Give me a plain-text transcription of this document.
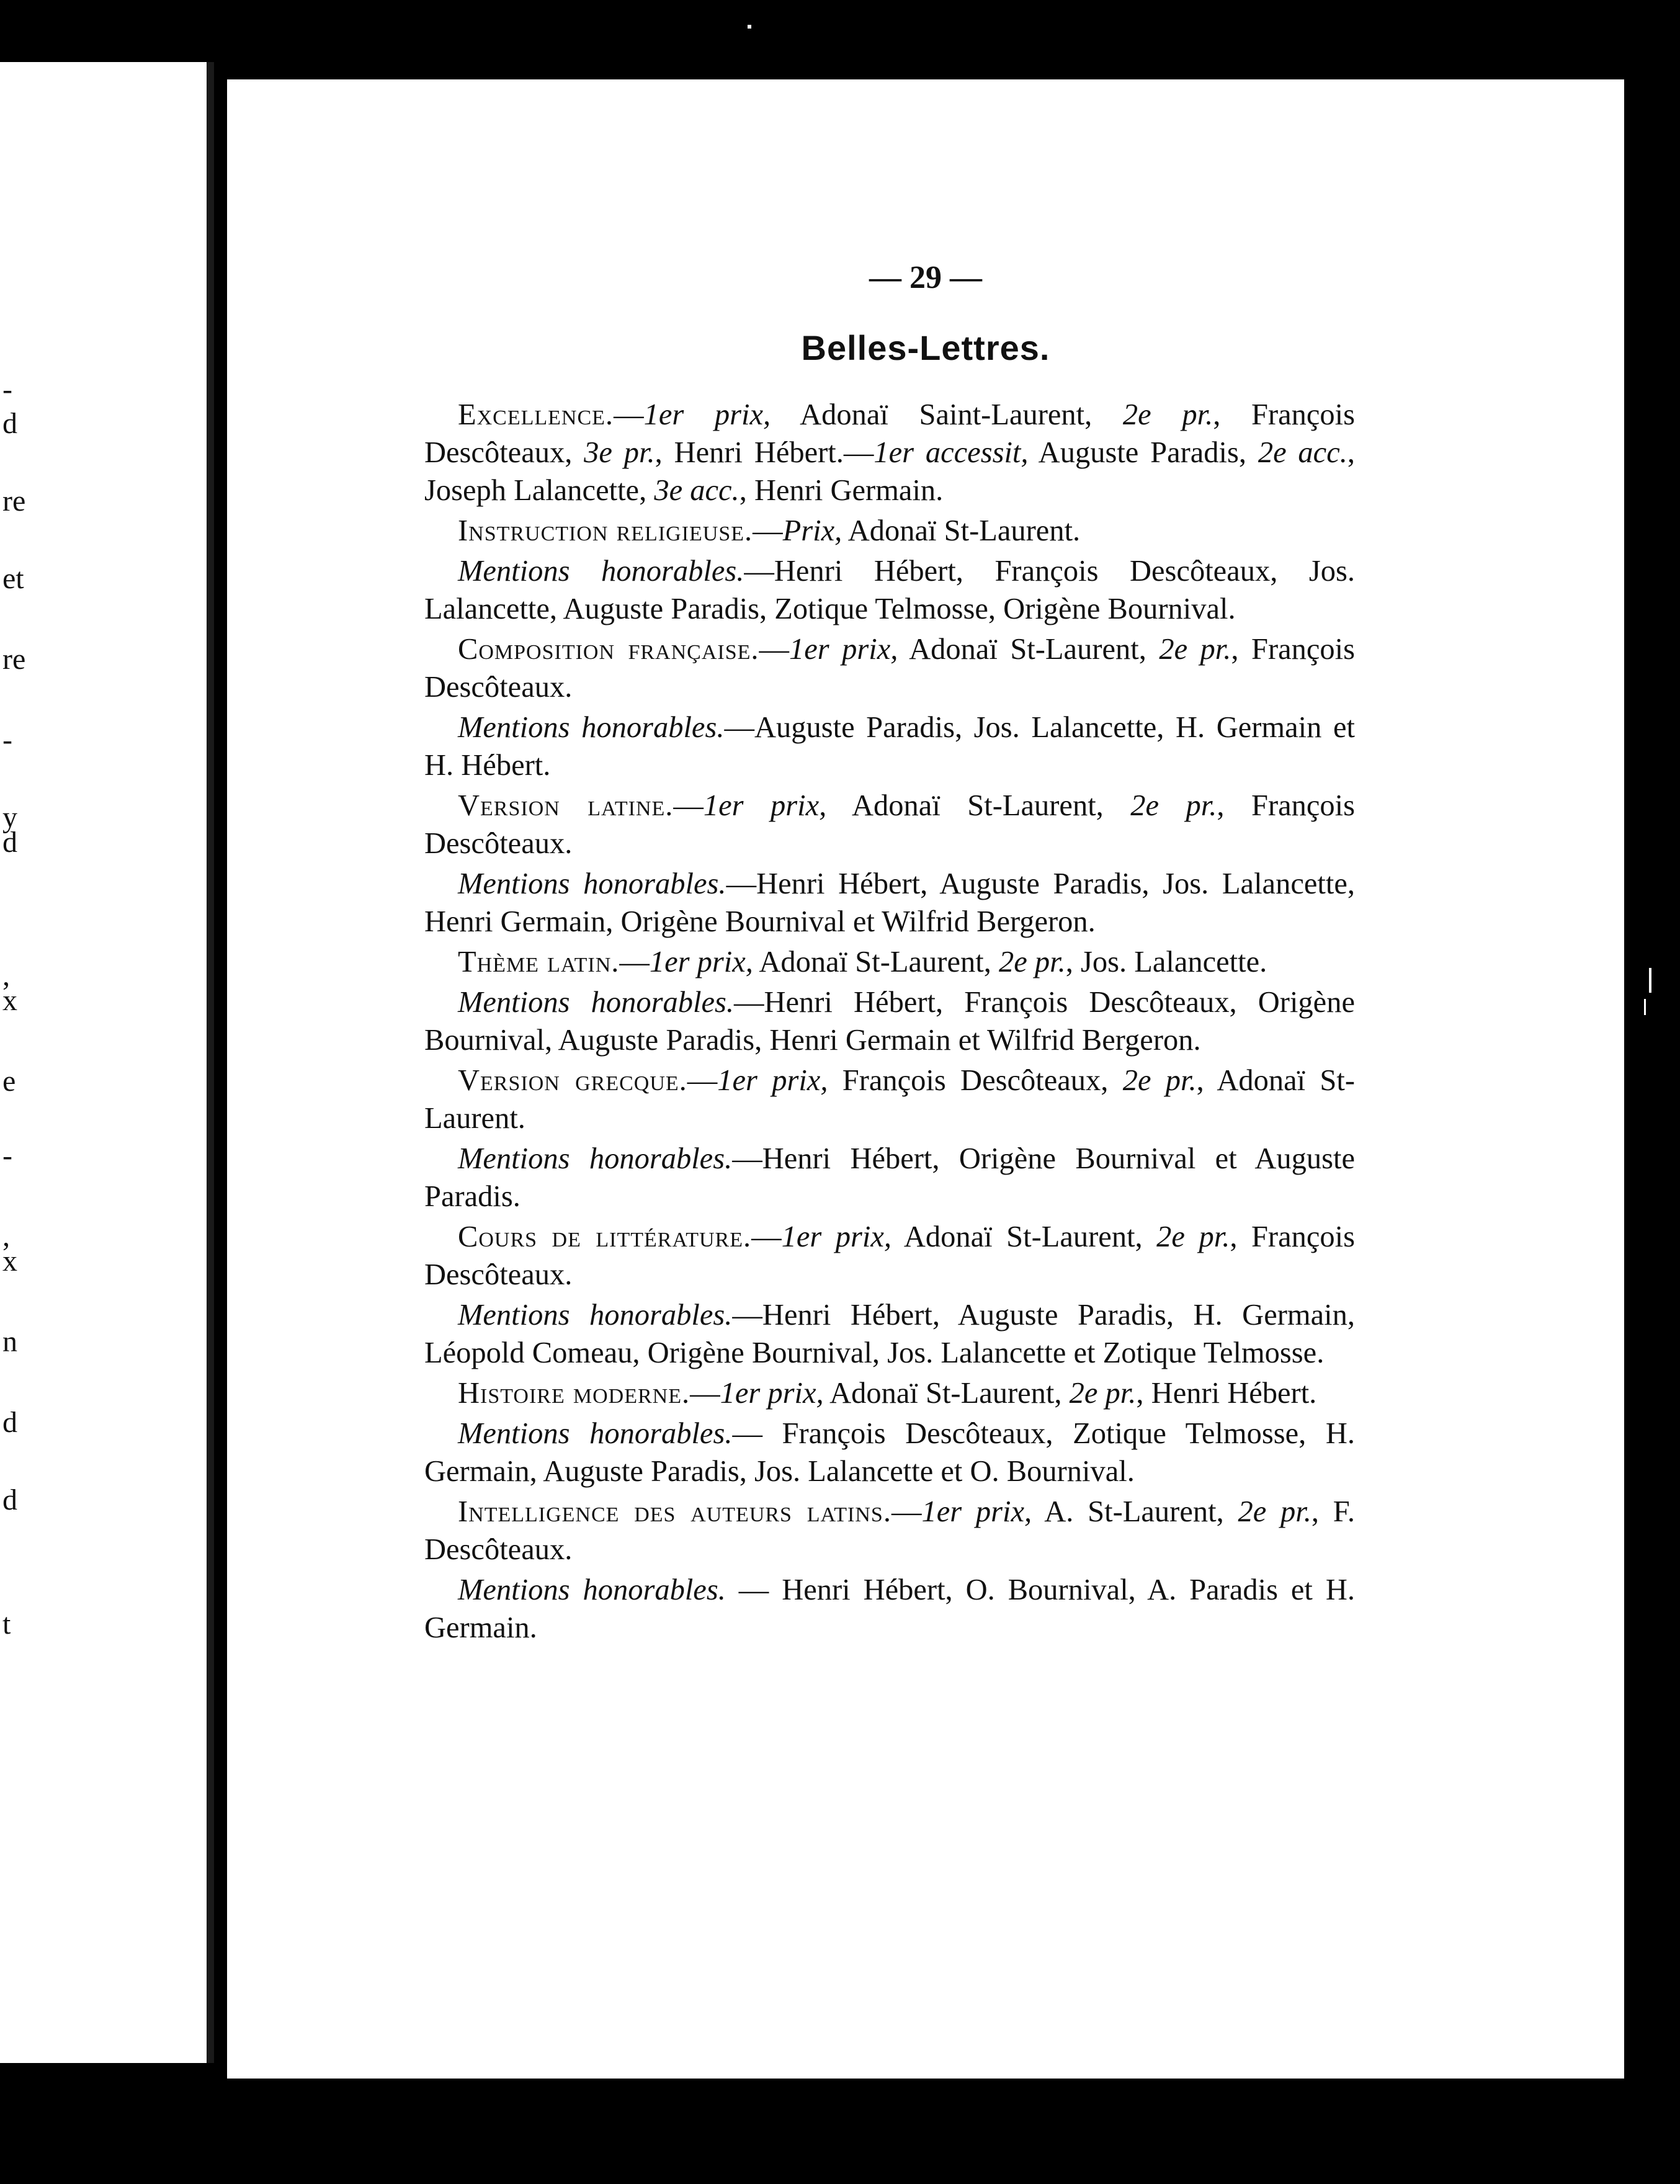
-
d
re
et
re
-
y
d
,
x
e
-
,
x
n
d
d
t
— 29 —
Belles-Lettres.

Excellence.—1er prix, Adonaï Saint-Laurent, 2e pr., François Descôteaux, 3e pr., Henri Hébert.—1er accessit, Auguste Paradis, 2e acc., Joseph Lalancette, 3e acc., Henri Germain.

Instruction religieuse.—Prix, Adonaï St-Laurent.

Mentions honorables.—Henri Hébert, François Descôteaux, Jos. Lalancette, Auguste Paradis, Zotique Telmosse, Origène Bournival.

Composition française.—1er prix, Adonaï St-Laurent, 2e pr., François Descôteaux.

Mentions honorables.—Auguste Paradis, Jos. Lalancette, H. Germain et H. Hébert.

Version latine.—1er prix, Adonaï St-Laurent, 2e pr., François Descôteaux.

Mentions honorables.—Henri Hébert, Auguste Paradis, Jos. Lalancette, Henri Germain, Origène Bournival et Wilfrid Bergeron.

Thème latin.—1er prix, Adonaï St-Laurent, 2e pr., Jos. Lalancette.

Mentions honorables.—Henri Hébert, François Descôteaux, Origène Bournival, Auguste Paradis, Henri Germain et Wilfrid Bergeron.

Version grecque.—1er prix, François Descôteaux, 2e pr., Adonaï St-Laurent.

Mentions honorables.—Henri Hébert, Origène Bournival et Auguste Paradis.

Cours de littérature.—1er prix, Adonaï St-Laurent, 2e pr., François Descôteaux.

Mentions honorables.—Henri Hébert, Auguste Paradis, H. Germain, Léopold Comeau, Origène Bournival, Jos. Lalancette et Zotique Telmosse.

Histoire moderne.—1er prix, Adonaï St-Laurent, 2e pr., Henri Hébert.

Mentions honorables.— François Descôteaux, Zotique Telmosse, H. Germain, Auguste Paradis, Jos. Lalancette et O. Bournival.

Intelligence des auteurs latins.—1er prix, A. St-Laurent, 2e pr., F. Descôteaux.

Mentions honorables. — Henri Hébert, O. Bournival, A. Paradis et H. Germain.
